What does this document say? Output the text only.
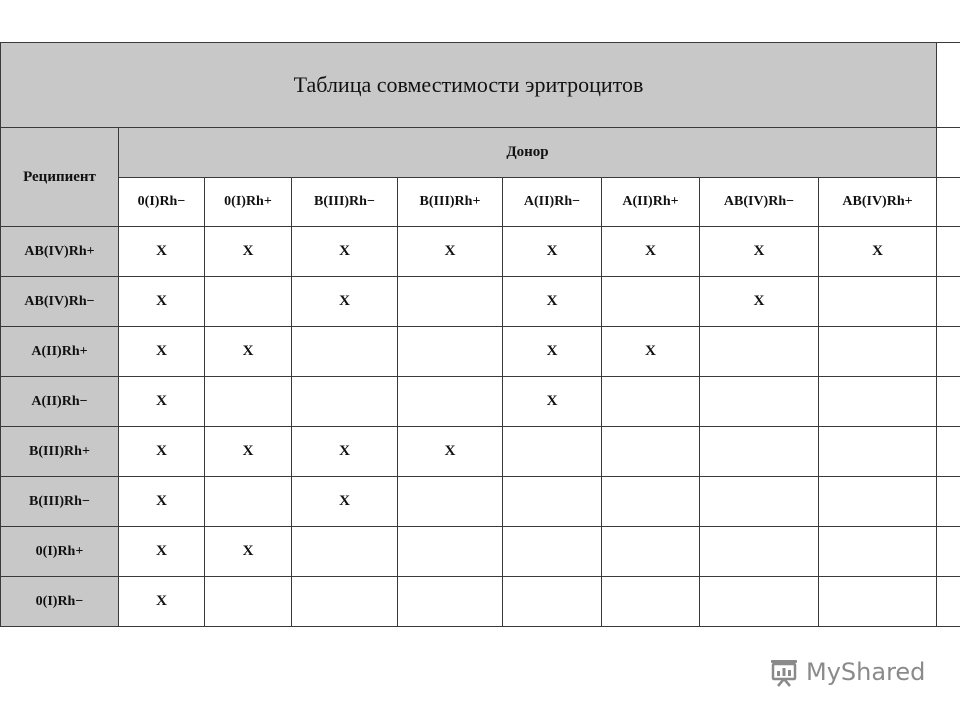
Таблица совместимости эритроцитов									
Реципиент	Донор								
	0(I)Rh−	0(I)Rh+	B(III)Rh−	B(III)Rh+	A(II)Rh−	A(II)Rh+	AB(IV)Rh−	AB(IV)Rh+	
AB(IV)Rh+	X	X	X	X	X	X	X	X	
AB(IV)Rh−	X		X		X		X		
A(II)Rh+	X	X			X	X			
A(II)Rh−	X				X				
B(III)Rh+	X	X	X	X					
B(III)Rh−	X		X						
0(I)Rh+	X	X							
0(I)Rh−	X								
MyShared
